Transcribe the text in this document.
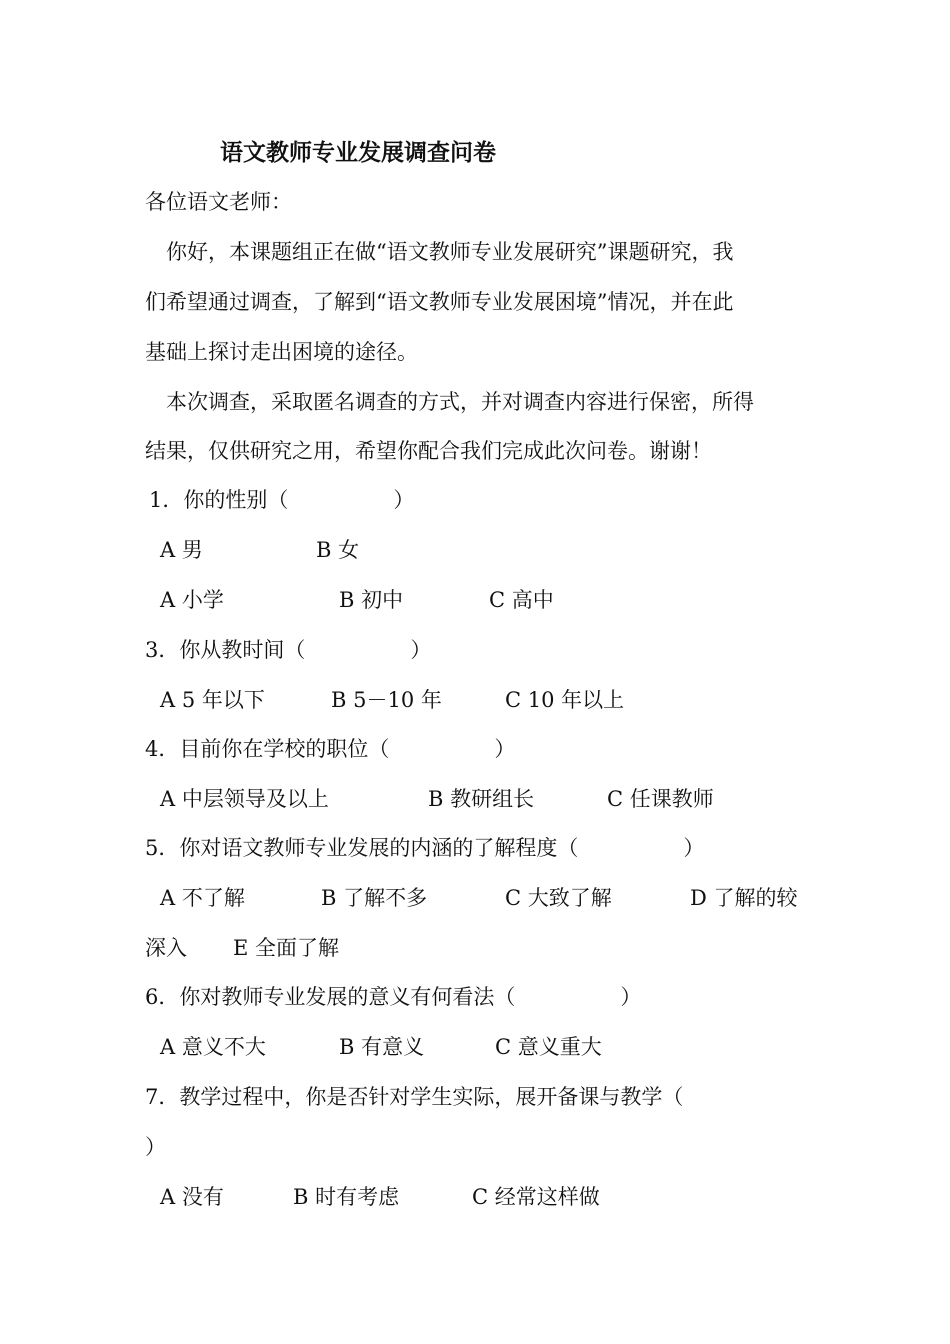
语文教师专业发展调查问卷
各位语文老师：
你好，本课题组正在做“语文教师专业发展研究”课题研究，我
们希望通过调查，了解到“语文教师专业发展困境”情况，并在此
基础上探讨走出困境的途径。
本次调查，采取匿名调查的方式，并对调查内容进行保密，所得
结果，仅供研究之用，希望你配合我们完成此次问卷。谢谢！
1．你的性别（　　　　　）
A 男	B 女
A 小学	B 初中	C 高中
3．你从教时间（　　　　　）
A 5 年以下	B 5－10 年	C 10 年以上
4．目前你在学校的职位（　　　　　）
A 中层领导及以上	B 教研组长	C 任课教师
5．你对语文教师专业发展的内涵的了解程度（　　　　　）
A 不了解	B 了解不多	C 大致了解	D 了解的较
深入 E 全面了解
6．你对教师专业发展的意义有何看法（　　　　　）
A 意义不大	B 有意义	C 意义重大
7．教学过程中，你是否针对学生实际，展开备课与教学（
）
A 没有	B 时有考虑	C 经常这样做
